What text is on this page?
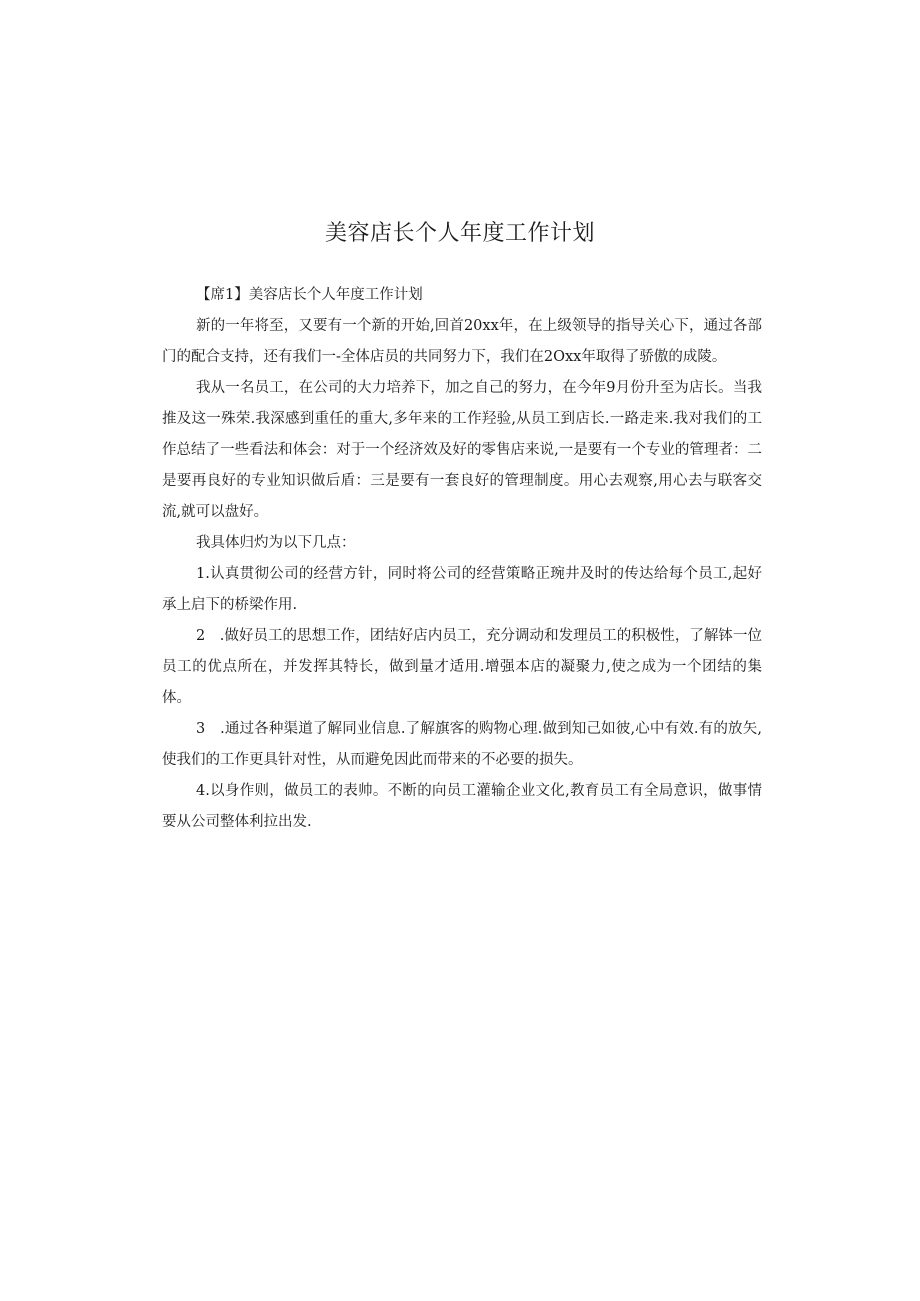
美容店长个人年度工作计划

【席1】美容店长个人年度工作计划

新的一年将至，又要有一个新的开始,回首20xx年，在上级领导的指导关心下，通过各部门的配合支持，还有我们一-全体店员的共同努力下，我们在2Oxx年取得了骄傲的成陵。

我从一名员工，在公司的大力培养下，加之自己的努力，在今年9月份升至为店长。当我推及这一殊荣.我深感到重任的重大,多年来的工作羟验,从员工到店长.一路走来.我对我们的工作总结了一些看法和体会：对于一个经济效及好的零售店来说,一是要有一个专业的管理者：二是要再良好的专业知识做后盾：三是要有一套良好的管理制度。用心去观察,用心去与联客交流,就可以盘好。

我具体归灼为以下几点：

1.认真贯彻公司的经营方针，同时将公司的经营策略正琬井及时的传达给每个员工,起好承上启下的桥梁作用.

2　.做好员工的思想工作，团结好店内员工，充分调动和发理员工的积极性，了解钵一位员工的优点所在，并发挥其特长，做到量才适用.增强本店的凝聚力,使之成为一个团结的集体。

3　.通过各种渠道了解同业信息.了解旗客的购物心理.做到知己如彼,心中有效.有的放矢,使我们的工作更具针对性，从而避免因此而带来的不必要的损失。

4.以身作则，做员工的表帅。不断的向员工灌输企业文化,教育员工有全局意识，做事情要从公司整体利拉出发.
